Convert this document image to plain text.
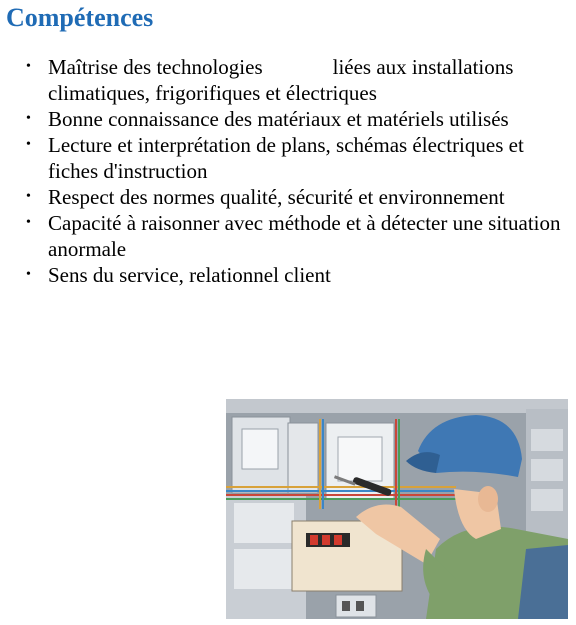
Compétences
• Maîtrise des technologies	liées aux installations climatiques, frigorifiques et électriques
• Bonne connaissance des matériaux et matériels utilisés
• Lecture et interprétation de plans, schémas électriques et fiches d'instruction
• Respect des normes qualité, sécurité et environnement
• Capacité à raisonner avec méthode et à détecter une situation anormale
• Sens du service, relationnel client
